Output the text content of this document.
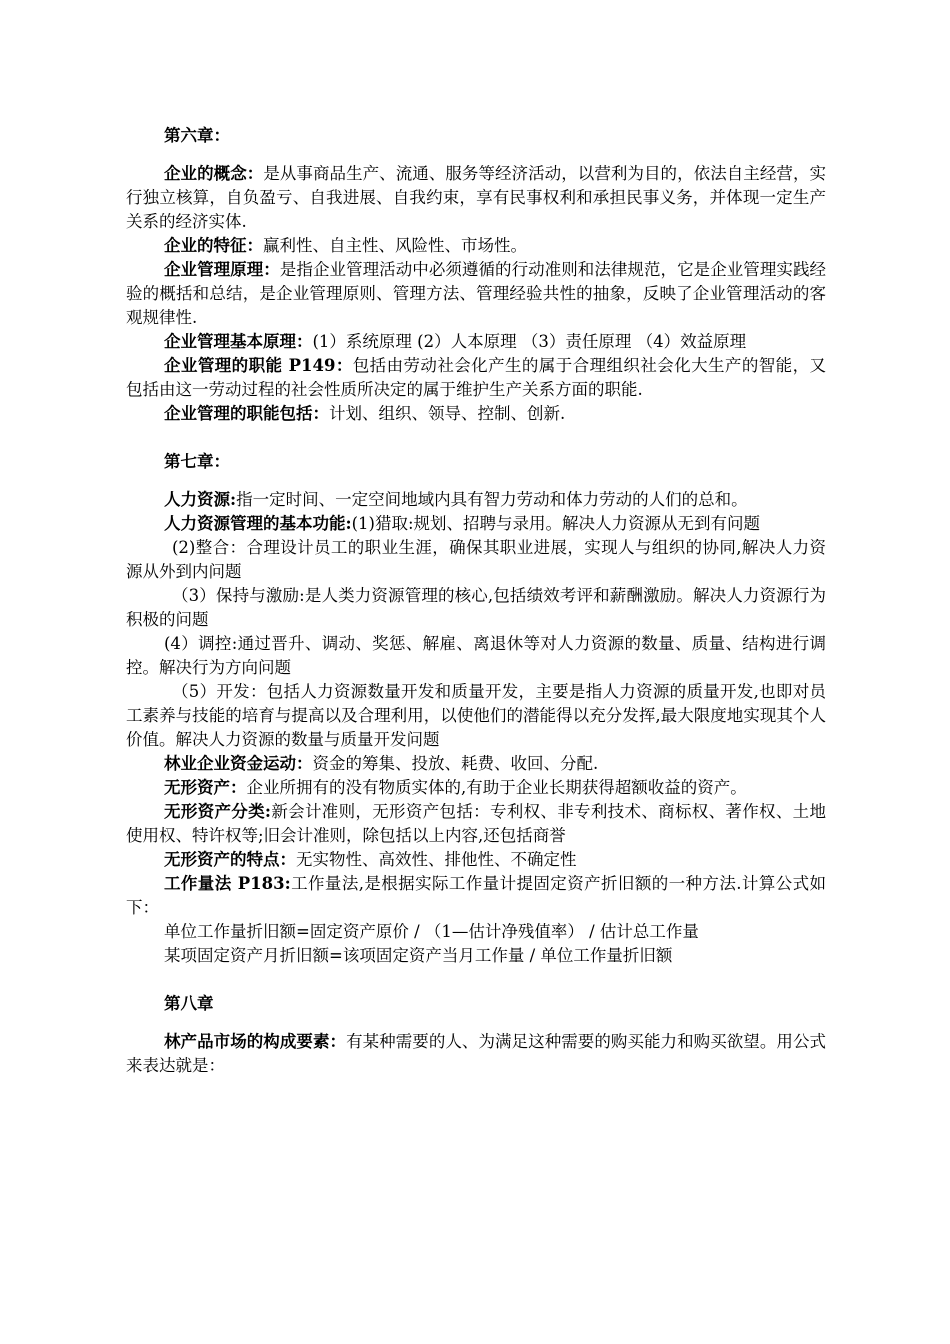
第六章：

企业的概念：是从事商品生产、流通、服务等经济活动，以营利为目的，依法自主经营，实行独立核算，自负盈亏、自我进展、自我约束，享有民事权利和承担民事义务，并体现一定生产关系的经济实体.

企业的特征：赢利性、自主性、风险性、市场性。

企业管理原理：是指企业管理活动中必须遵循的行动准则和法律规范，它是企业管理实践经验的概括和总结，是企业管理原则、管理方法、管理经验共性的抽象，反映了企业管理活动的客观规律性.

企业管理基本原理：(1）系统原理 (2）人本原理 （3）责任原理 （4）效益原理

企业管理的职能 P149：包括由劳动社会化产生的属于合理组织社会化大生产的智能，又包括由这一劳动过程的社会性质所决定的属于维护生产关系方面的职能.

企业管理的职能包括：计划、组织、领导、控制、创新.

第七章：

人力资源:指一定时间、一定空间地域内具有智力劳动和体力劳动的人们的总和。

人力资源管理的基本功能:(1)猎取:规划、招聘与录用。解决人力资源从无到有问题

(2)整合：合理设计员工的职业生涯，确保其职业进展，实现人与组织的协同,解决人力资源从外到内问题

（3）保持与激励:是人类力资源管理的核心,包括绩效考评和薪酬激励。解决人力资源行为积极的问题

(4）调控:通过晋升、调动、奖惩、解雇、离退休等对人力资源的数量、质量、结构进行调控。解决行为方向问题

（5）开发：包括人力资源数量开发和质量开发，主要是指人力资源的质量开发,也即对员工素养与技能的培育与提高以及合理利用，以使他们的潜能得以充分发挥,最大限度地实现其个人价值。解决人力资源的数量与质量开发问题

林业企业资金运动：资金的筹集、投放、耗费、收回、分配.

无形资产：企业所拥有的没有物质实体的,有助于企业长期获得超额收益的资产。

无形资产分类:新会计准则，无形资产包括：专利权、非专利技术、商标权、著作权、土地使用权、特许权等;旧会计准则，除包括以上内容,还包括商誉

无形资产的特点：无实物性、高效性、排他性、不确定性

工作量法 P183:工作量法,是根据实际工作量计提固定资产折旧额的一种方法.计算公式如下：

单位工作量折旧额=固定资产原价 / （1—估计净残值率） / 估计总工作量

某项固定资产月折旧额=该项固定资产当月工作量 / 单位工作量折旧额

第八章

林产品市场的构成要素：有某种需要的人、为满足这种需要的购买能力和购买欲望。用公式来表达就是：
